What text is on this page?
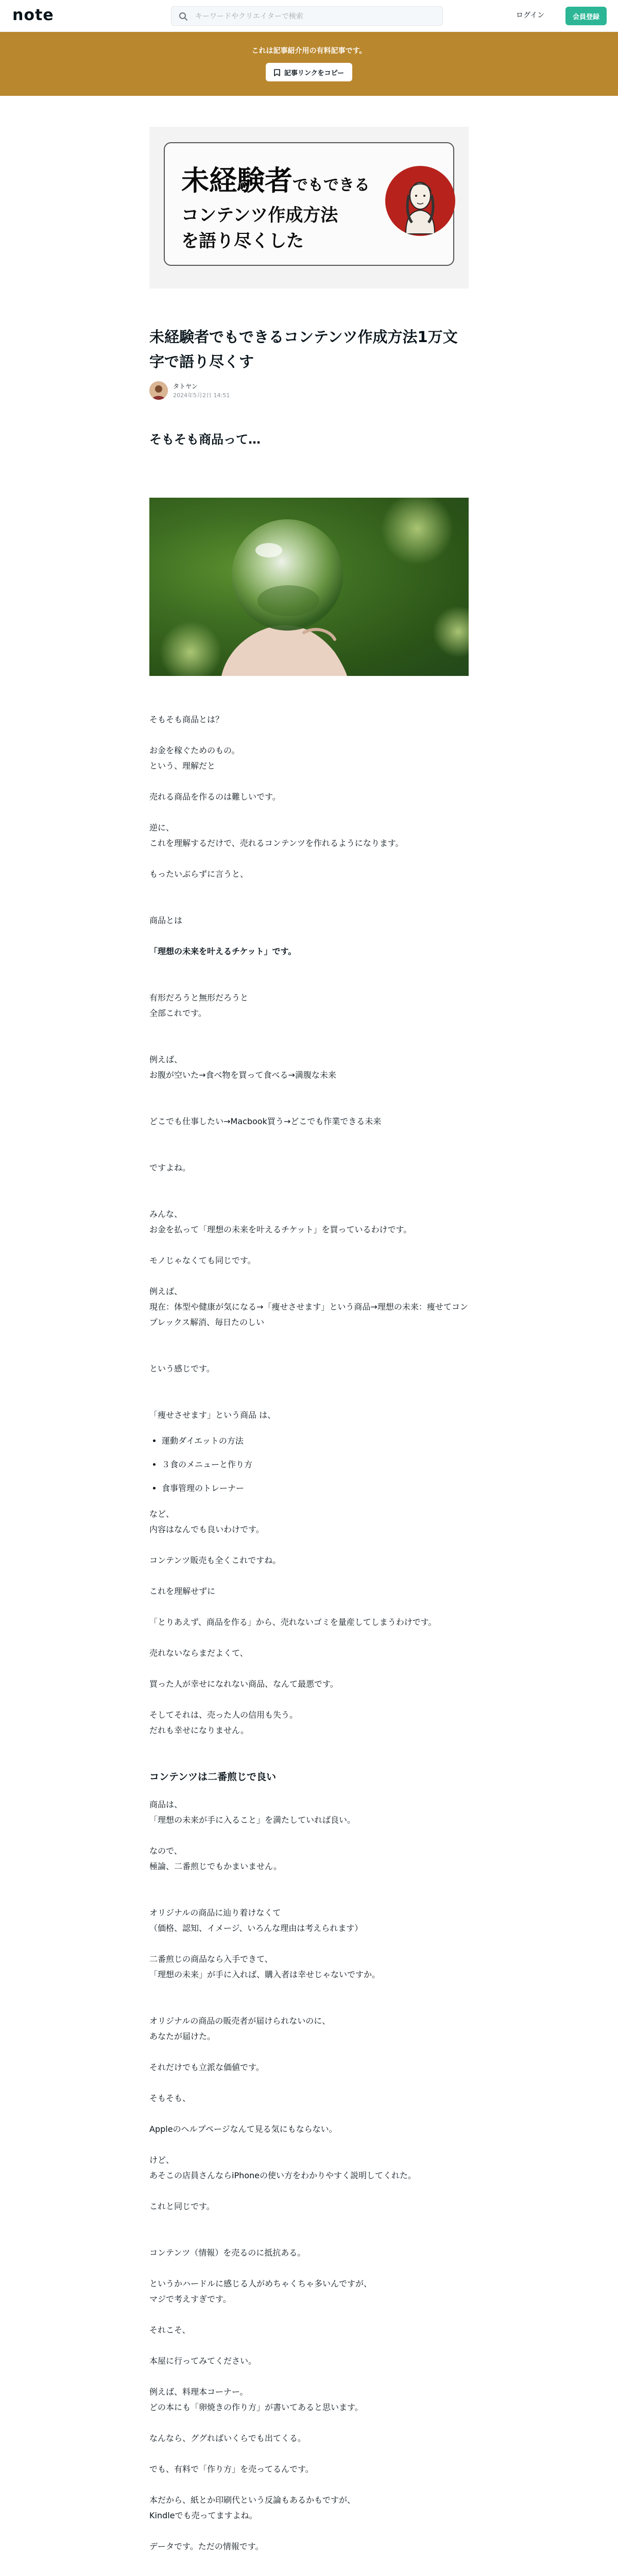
note
キーワードやクリエイターで検索	ログイン	会員登録
これは記事紹介用の有料記事です。
記事リンクをコピー
未経験者でもできる
コンテンツ作成方法
を語り尽くした
未経験者でもできるコンテンツ作成方法1万文字で語り尽くす
タトヤン
2024年5月2日 14:51
そもそも商品って…

そもそも商品とは？

お金を稼ぐためのもの。
という、理解だと

売れる商品を作るのは難しいです。

逆に、
これを理解するだけで、売れるコンテンツを作れるようになります。

もったいぶらずに言うと、

商品とは

「理想の未来を叶えるチケット」です。

有形だろうと無形だろうと
全部これです。

例えば、
お腹が空いた→食べ物を買って食べる→満腹な未来

どこでも仕事したい→Macbook買う→どこでも作業できる未来

ですよね。

みんな、
お金を払って「理想の未来を叶えるチケット」を買っているわけです。

モノじゃなくても同じです。

例えば、
現在：体型や健康が気になる→「痩せさせます」という商品→理想の未来：痩せてコンプレックス解消、毎日たのしい

という感じです。

「痩せさせます」という商品 は、

• 運動ダイエットの方法
• ３食のメニューと作り方
• 食事管理のトレーナー

など、
内容はなんでも良いわけです。

コンテンツ販売も全くこれですね。

これを理解せずに

「とりあえず、商品を作る」から、売れないゴミを量産してしまうわけです。

売れないならまだよくて、

買った人が幸せになれない商品、なんて最悪です。

そしてそれは、売った人の信用も失う。
だれも幸せになりません。

コンテンツは二番煎じで良い

商品は、
「理想の未来が手に入ること」を満たしていれば良い。

なので、
極論、二番煎じでもかまいません。

オリジナルの商品に辿り着けなくて
（価格、認知、イメージ、いろんな理由は考えられます）

二番煎じの商品なら入手できて、
「理想の未来」が手に入れば、購入者は幸せじゃないですか。

オリジナルの商品の販売者が届けられないのに、
あなたが届けた。

それだけでも立派な価値です。

そもそも、

Appleのヘルプページなんて見る気にもならない。

けど、
あそこの店員さんならiPhoneの使い方をわかりやすく説明してくれた。

これと同じです。

コンテンツ（情報）を売るのに抵抗ある。

というかハードルに感じる人がめちゃくちゃ多いんですが、
マジで考えすぎです。

それこそ、

本屋に行ってみてください。

例えば、料理本コーナー。
どの本にも「卵焼きの作り方」が書いてあると思います。

なんなら、ググればいくらでも出てくる。

でも、有料で「作り方」を売ってるんです。

本だから、紙とか印刷代という反論もあるかもですが、
Kindleでも売ってますよね。

データです。ただの情報です。
